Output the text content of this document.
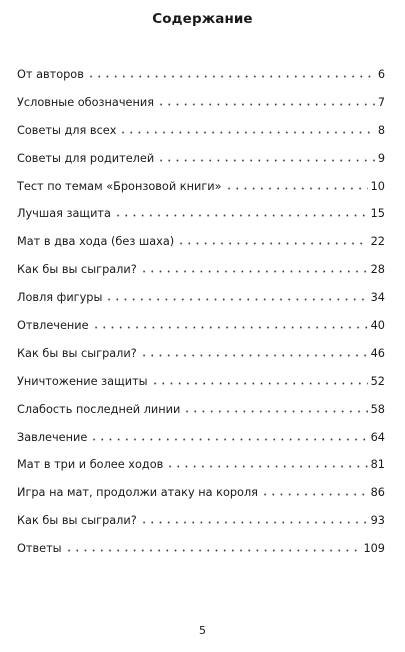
Содержание
От авторов	6
Условные обозначения	7
Советы для всех	8
Советы для родителей	9
Тест по темам «Бронзовой книги»	10
Лучшая защита	15
Мат в два хода (без шаха)	22
Как бы вы сыграли?	28
Ловля фигуры	34
Отвлечение	40
Как бы вы сыграли?	46
Уничтожение защиты	52
Слабость последней линии	58
Завлечение	64
Мат в три и более ходов	81
Игра на мат, продолжи атаку на короля	86
Как бы вы сыграли?	93
Ответы	109
5
